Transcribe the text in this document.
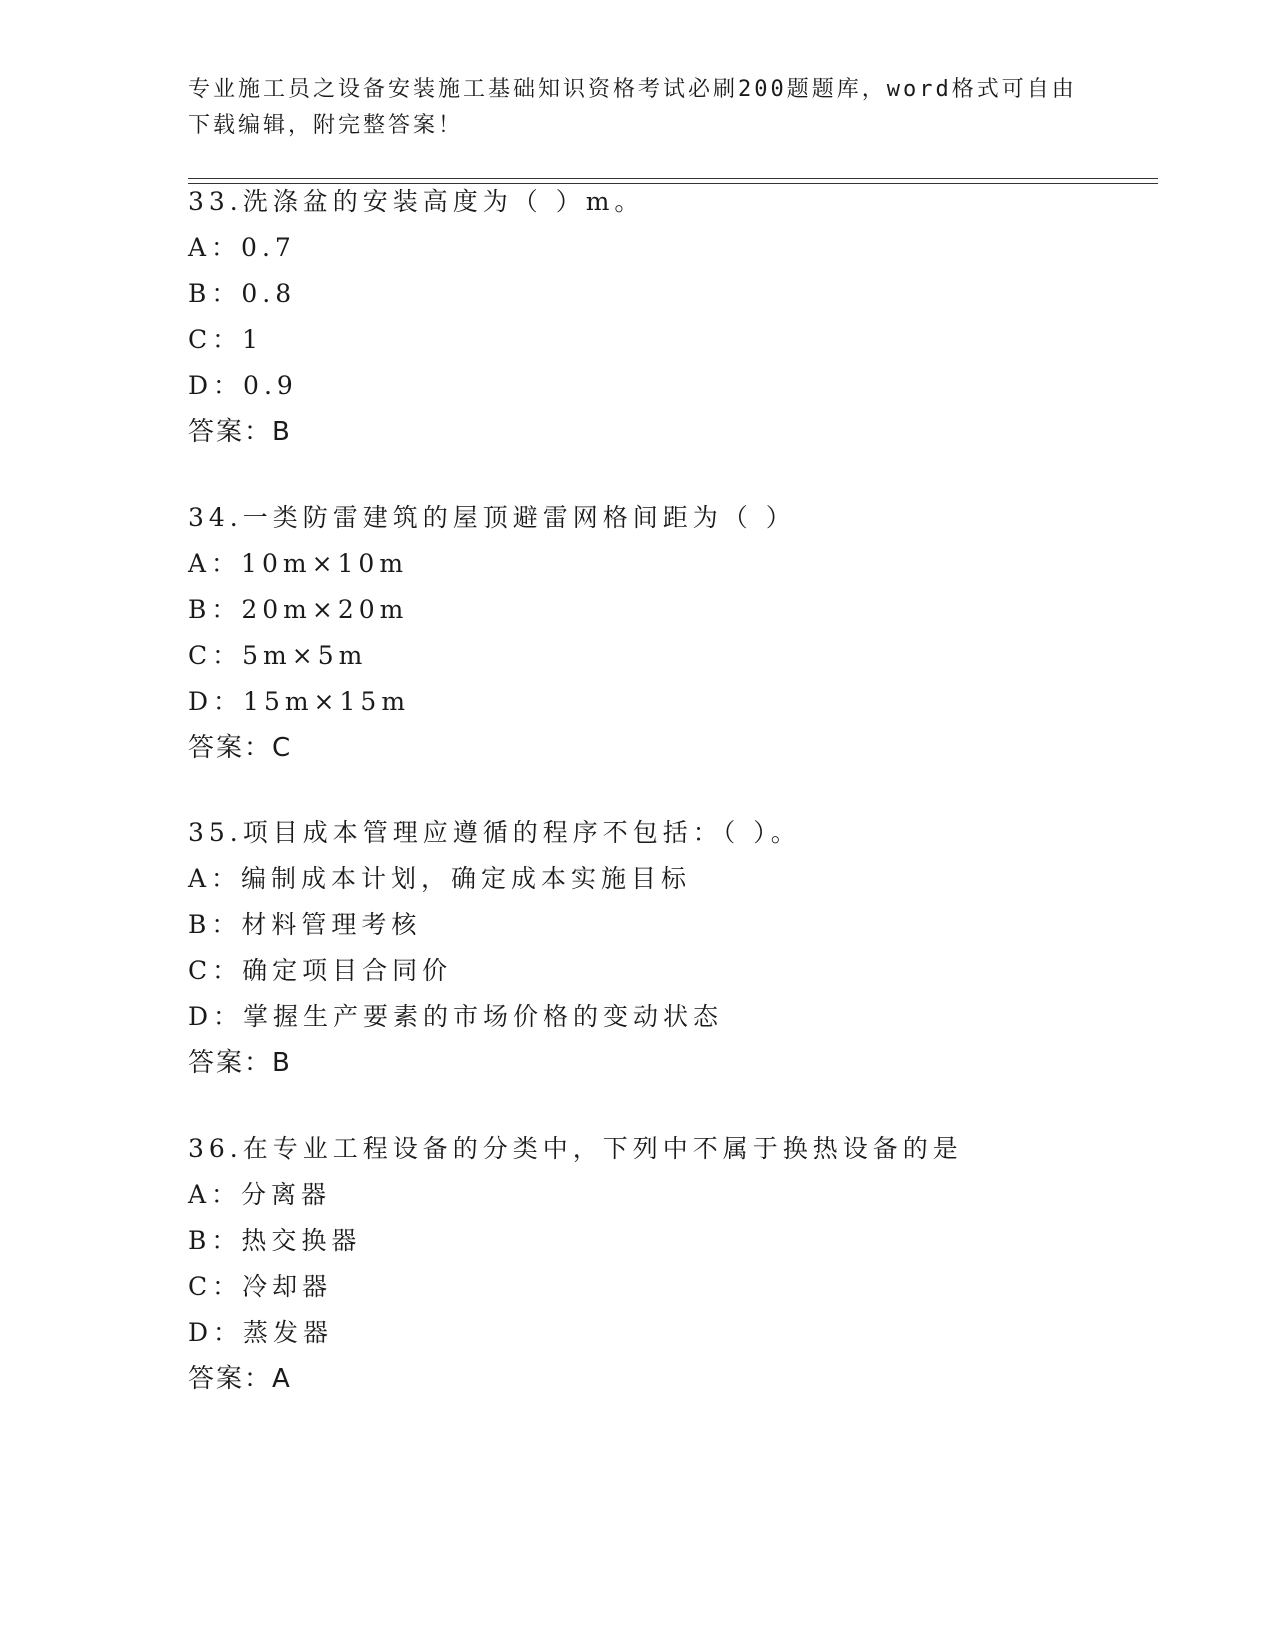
专业施工员之设备安装施工基础知识资格考试必刷200题题库，word格式可自由
下载编辑，附完整答案！
33.洗涤盆的安装高度为（ ）m。
A：0.7
B：0.8
C：1
D：0.9
答案：B
34.一类防雷建筑的屋顶避雷网格间距为（ ）
A：10m×10m
B：20m×20m
C：5m×5m
D：15m×15m
答案：C
35.项目成本管理应遵循的程序不包括：（ ）。
A：编制成本计划，确定成本实施目标
B：材料管理考核
C：确定项目合同价
D：掌握生产要素的市场价格的变动状态
答案：B
36.在专业工程设备的分类中，下列中不属于换热设备的是
A：分离器
B：热交换器
C：冷却器
D：蒸发器
答案：A
